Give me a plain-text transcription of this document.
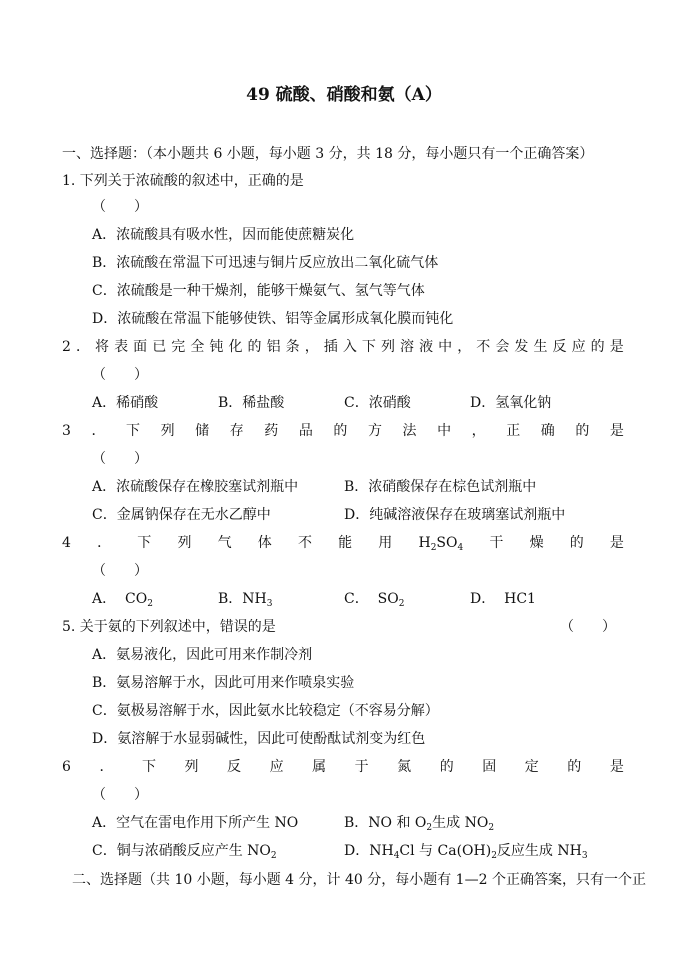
49 硫酸、硝酸和氨（A）
一、选择题：（本小题共 6 小题，每小题 3 分，共 18 分，每小题只有一个正确答案）
1. 下列关于浓硫酸的叙述中，正确的是
（　　）
A．浓硫酸具有吸水性，因而能使蔗糖炭化
B．浓硫酸在常温下可迅速与铜片反应放出二氧化硫气体
C．浓硫酸是一种干燥剂，能够干燥氨气、氢气等气体
D．浓硫酸在常温下能够使铁、铝等金属形成氧化膜而钝化
2 ． 将 表 面 已 完 全 钝 化 的 铝 条 ， 插 入 下 列 溶 液 中 ， 不 会 发 生 反 应 的 是
（　　）
A．稀硝酸	B．稀盐酸	C．浓硝酸	D．氢氧化钠
3 ． 下 列 储 存 药 品 的 方 法 中 ， 正 确 的 是
（　　）
A．浓硫酸保存在橡胶塞试剂瓶中	B．浓硝酸保存在棕色试剂瓶中
C．金属钠保存在无水乙醇中	D．纯碱溶液保存在玻璃塞试剂瓶中
4 ． 下 列 气 体 不 能 用 $H_2SO_4$ 干 燥 的 是
（　　）
A． $CO_2$	B．$NH_3$	C． $SO_2$	D． HC1
5. 关于氨的下列叙述中，错误的是	（　　）
A．氨易液化，因此可用来作制冷剂
B．氨易溶解于水，因此可用来作喷泉实验
C．氨极易溶解于水，因此氨水比较稳定（不容易分解）
D．氨溶解于水显弱碱性，因此可使酚酞试剂变为红色
6 ． 下 列 反 应 属 于 氮 的 固 定 的 是
（　　）
A．空气在雷电作用下所产生 NO	B．NO 和 $O_2$生成 $NO_2$
C．铜与浓硝酸反应产生 $NO_2$	D．$NH_4Cl$ 与 $Ca(OH)_2$反应生成 $NH_3$
二、选择题（共 10 小题，每小题 4 分，计 40 分，每小题有 1—2 个正确答案，只有一个正
